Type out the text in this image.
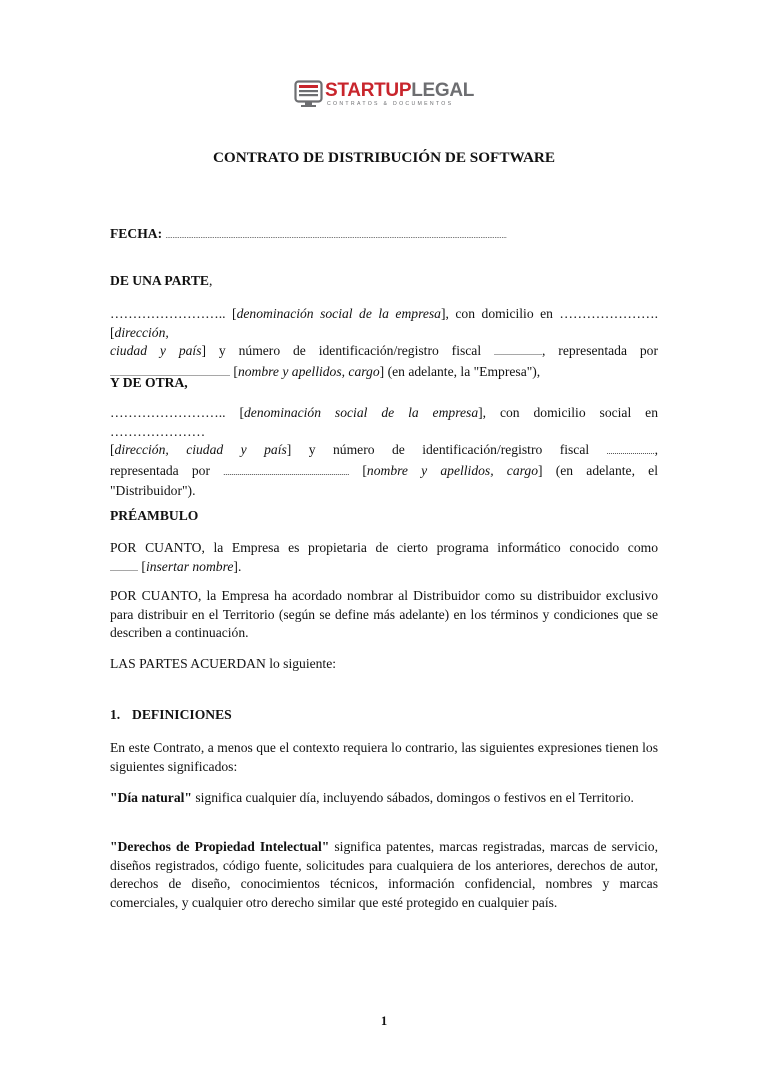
STARTUPLEGAL
CONTRATOS & DOCUMENTOS
CONTRATO DE DISTRIBUCIÓN DE SOFTWARE

FECHA: ...................................................................................................................................................................................................

DE UNA PARTE,

…………………….. [denominación social de la empresa], con domicilio en …………………. [dirección,
ciudad y país] y número de identificación/registro fiscal ........................, representada por
............................................................ [nombre y apellidos, cargo] (en adelante, la "Empresa"),

Y DE OTRA,

…………………….. [denominación social de la empresa], con domicilio social en …………………
[dirección, ciudad y país] y número de identificación/registro fiscal ........................,
representada por ............................................................... [nombre y apellidos, cargo] (en adelante, el
"Distribuidor").

PRÉAMBULO

POR CUANTO, la Empresa es propietaria de cierto programa informático conocido como
.............. [insertar nombre].

POR CUANTO, la Empresa ha acordado nombrar al Distribuidor como su distribuidor exclusivo para distribuir en el Territorio (según se define más adelante) en los términos y condiciones que se describen a continuación.

LAS PARTES ACUERDAN lo siguiente:

1. DEFINICIONES

En este Contrato, a menos que el contexto requiera lo contrario, las siguientes expresiones tienen los siguientes significados:

"Día natural" significa cualquier día, incluyendo sábados, domingos o festivos en el Territorio.

"Derechos de Propiedad Intelectual" significa patentes, marcas registradas, marcas de servicio, diseños registrados, código fuente, solicitudes para cualquiera de los anteriores, derechos de autor, derechos de diseño, conocimientos técnicos, información confidencial, nombres y marcas comerciales, y cualquier otro derecho similar que esté protegido en cualquier país.

1
